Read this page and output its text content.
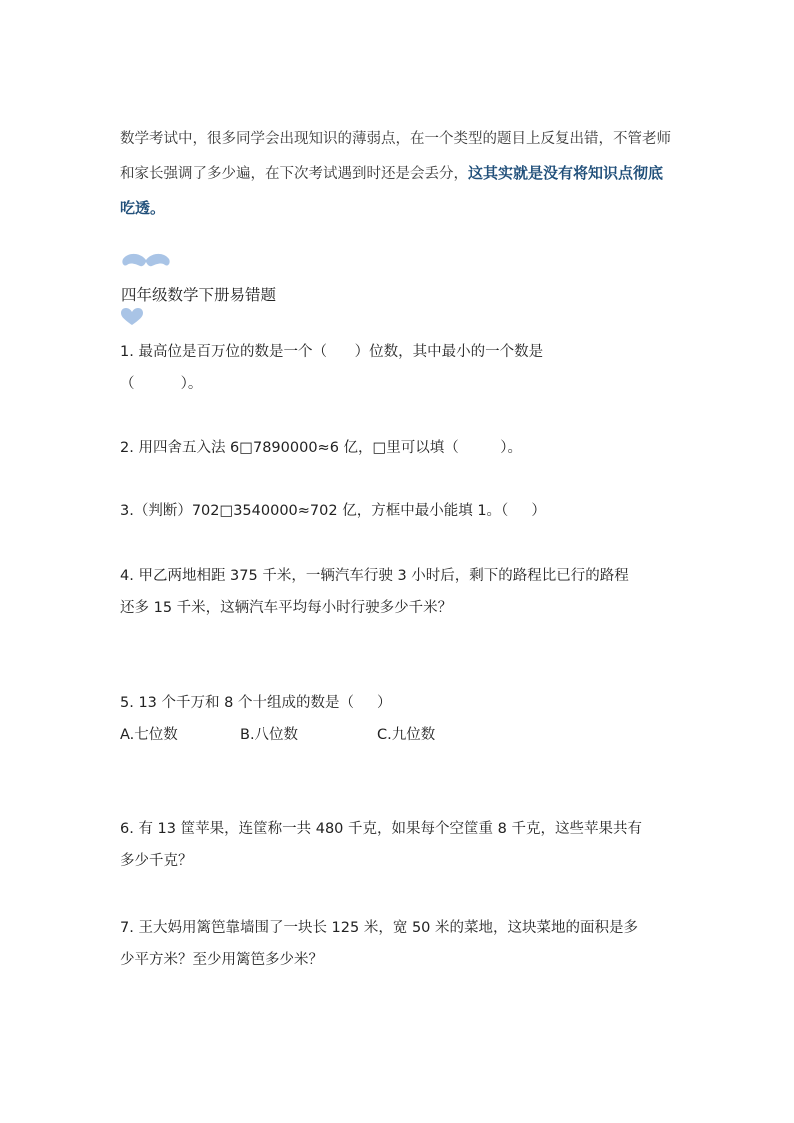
数学考试中，很多同学会出现知识的薄弱点，在一个类型的题目上反复出错，不管老师和家长强调了多少遍，在下次考试遇到时还是会丢分，这其实就是没有将知识点彻底吃透。
四年级数学下册易错题
1. 最高位是百万位的数是一个（      ）位数，其中最小的一个数是
（          ）。
2. 用四舍五入法 6□7890000≈6 亿，□里可以填（         ）。
3.（判断）702□3540000≈702 亿，方框中最小能填 1。（     ）
4. 甲乙两地相距 375 千米，一辆汽车行驶 3 小时后，剩下的路程比已行的路程
还多 15 千米，这辆汽车平均每小时行驶多少千米？
5. 13 个千万和 8 个十组成的数是（     ）
A.七位数	B.八位数	C.九位数
6. 有 13 筐苹果，连筐称一共 480 千克，如果每个空筐重 8 千克，这些苹果共有
多少千克？
7. 王大妈用篱笆靠墙围了一块长 125 米，宽 50 米的菜地，这块菜地的面积是多
少平方米？至少用篱笆多少米？
